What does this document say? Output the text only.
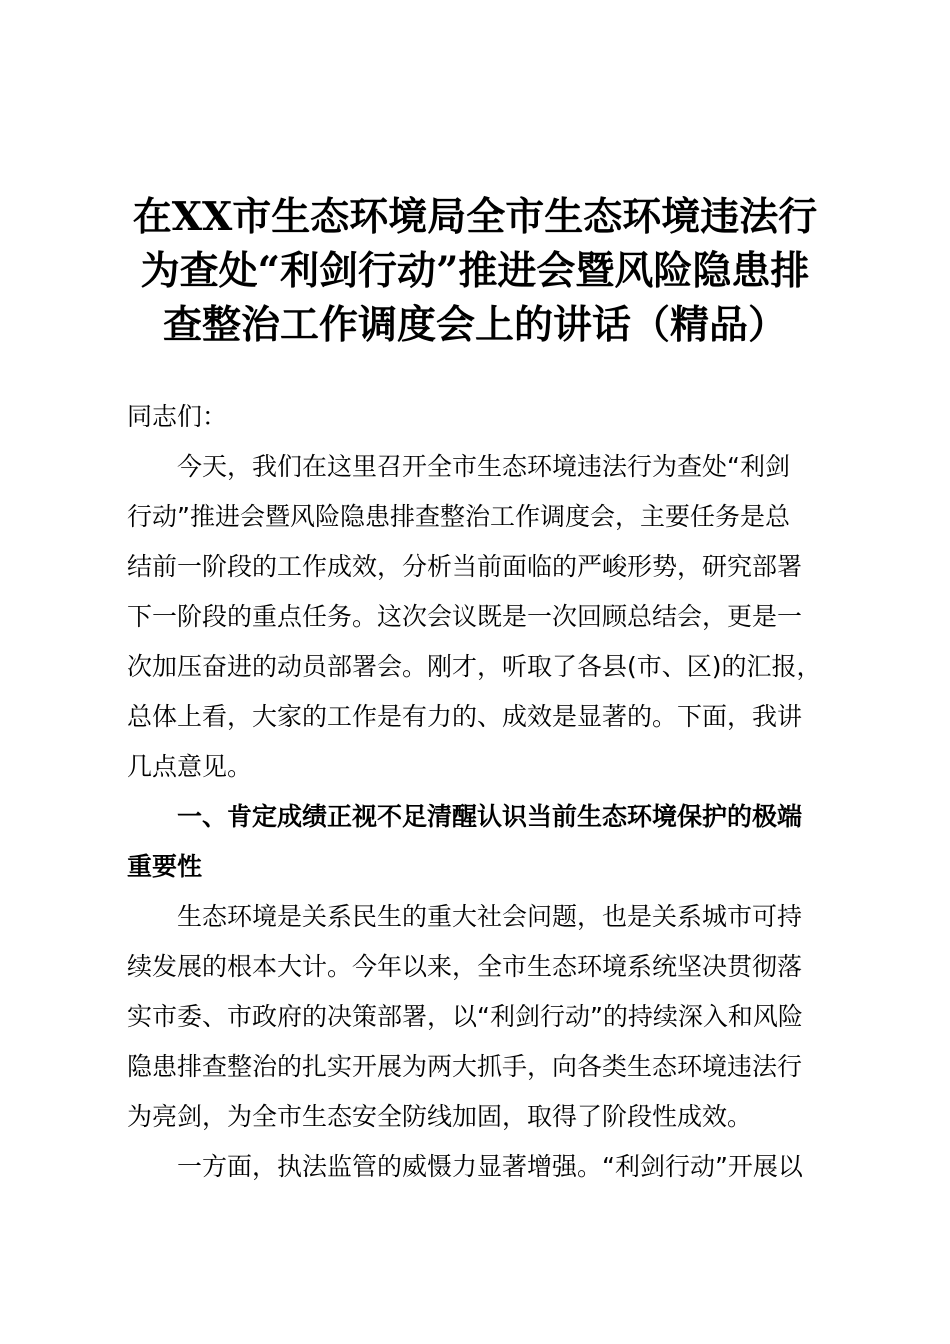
在XX市生态环境局全市生态环境违法行
为查处“利剑行动”推进会暨风险隐患排
查整治工作调度会上的讲话（精品）

同志们：

今天，我们在这里召开全市生态环境违法行为查处“利剑
行动”推进会暨风险隐患排查整治工作调度会，主要任务是总
结前一阶段的工作成效，分析当前面临的严峻形势，研究部署
下一阶段的重点任务。这次会议既是一次回顾总结会，更是一
次加压奋进的动员部署会。刚才，听取了各县(市、区)的汇报，
总体上看，大家的工作是有力的、成效是显著的。下面，我讲
几点意见。
一、肯定成绩正视不足清醒认识当前生态环境保护的极端
重要性
生态环境是关系民生的重大社会问题，也是关系城市可持
续发展的根本大计。今年以来，全市生态环境系统坚决贯彻落
实市委、市政府的决策部署，以“利剑行动”的持续深入和风险
隐患排查整治的扎实开展为两大抓手，向各类生态环境违法行
为亮剑，为全市生态安全防线加固，取得了阶段性成效。
一方面，执法监管的威慑力显著增强。“利剑行动”开展以
